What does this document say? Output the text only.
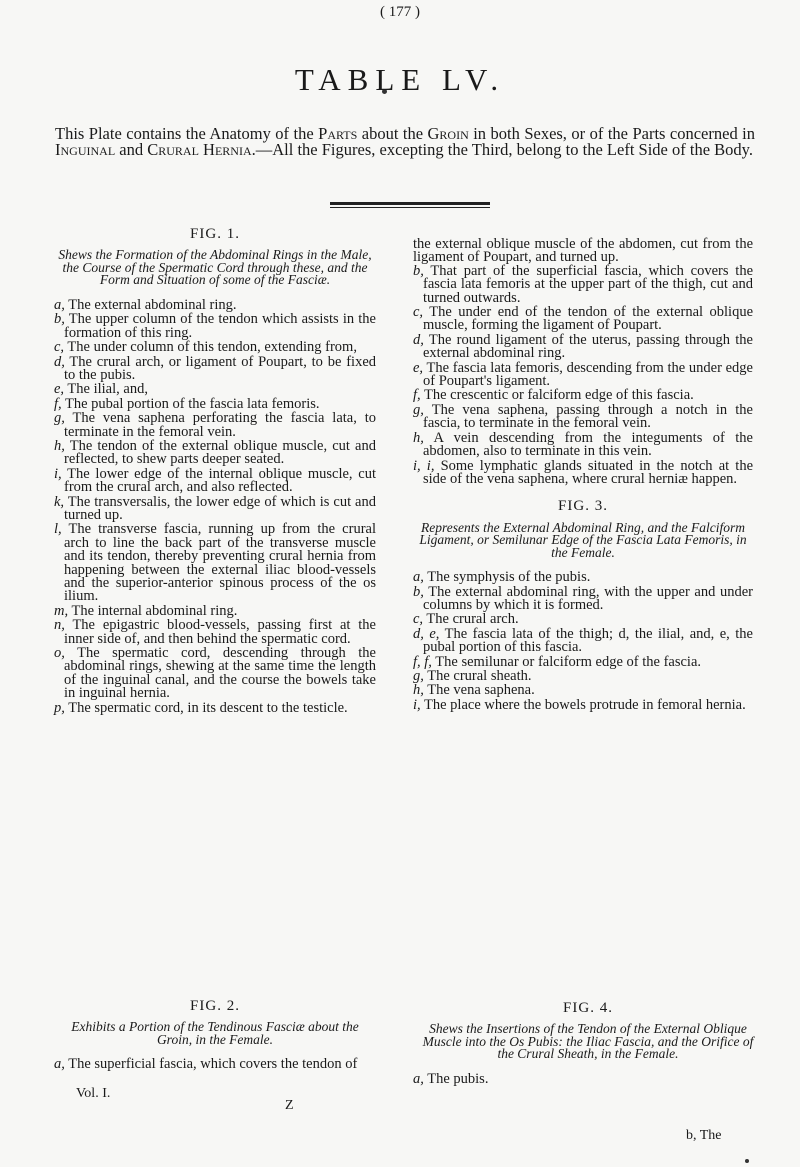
( 177 )
TABLE LV.
This Plate contains the Anatomy of the Parts about the Groin in both Sexes, or of the Parts concerned in Inguinal and Crural Hernia.—All the Figures, excepting the Third, belong to the Left Side of the Body.
FIG. 1.
Shews the Formation of the Abdominal Rings in the Male, the Course of the Spermatic Cord through these, and the Form and Situation of some of the Fasciæ.
a, The external abdominal ring.
b, The upper column of the tendon which assists in the formation of this ring.
c, The under column of this tendon, extending from,
d, The crural arch, or ligament of Poupart, to be fixed to the pubis.
e, The ilial, and,
f, The pubal portion of the fascia lata femoris.
g, The vena saphena perforating the fascia lata, to terminate in the femoral vein.
h, The tendon of the external oblique muscle, cut and reflected, to shew parts deeper seated.
i, The lower edge of the internal oblique muscle, cut from the crural arch, and also reflected.
k, The transversalis, the lower edge of which is cut and turned up.
l, The transverse fascia, running up from the crural arch to line the back part of the transverse muscle and its tendon, thereby preventing crural hernia from happening between the external iliac blood-vessels and the superior-anterior spinous process of the os ilium.
m, The internal abdominal ring.
n, The epigastric blood-vessels, passing first at the inner side of, and then behind the spermatic cord.
o, The spermatic cord, descending through the abdominal rings, shewing at the same time the length of the inguinal canal, and the course the bowels take in inguinal hernia.
p, The spermatic cord, in its descent to the testicle.
the external oblique muscle of the abdomen, cut from the ligament of Poupart, and turned up.
b, That part of the superficial fascia, which covers the fascia lata femoris at the upper part of the thigh, cut and turned outwards.
c, The under end of the tendon of the external oblique muscle, forming the ligament of Poupart.
d, The round ligament of the uterus, passing through the external abdominal ring.
e, The fascia lata femoris, descending from the under edge of Poupart's ligament.
f, The crescentic or falciform edge of this fascia.
g, The vena saphena, passing through a notch in the fascia, to terminate in the femoral vein.
h, A vein descending from the integuments of the abdomen, also to terminate in this vein.
i, i, Some lymphatic glands situated in the notch at the side of the vena saphena, where crural herniæ happen.
FIG. 3.
Represents the External Abdominal Ring, and the Falciform Ligament, or Semilunar Edge of the Fascia Lata Femoris, in the Female.
a, The symphysis of the pubis.
b, The external abdominal ring, with the upper and under columns by which it is formed.
c, The crural arch.
d, e, The fascia lata of the thigh; d, the ilial, and, e, the pubal portion of this fascia.
f, f, The semilunar or falciform edge of the fascia.
g, The crural sheath.
h, The vena saphena.
i, The place where the bowels protrude in femoral hernia.
FIG. 2.
Exhibits a Portion of the Tendinous Fasciæ about the Groin, in the Female.
a, The superficial fascia, which covers the tendon of
FIG. 4.
Shews the Insertions of the Tendon of the External Oblique Muscle into the Os Pubis: the Iliac Fascia, and the Orifice of the Crural Sheath, in the Female.
a, The pubis.
Vol. I.
Z
b, The
